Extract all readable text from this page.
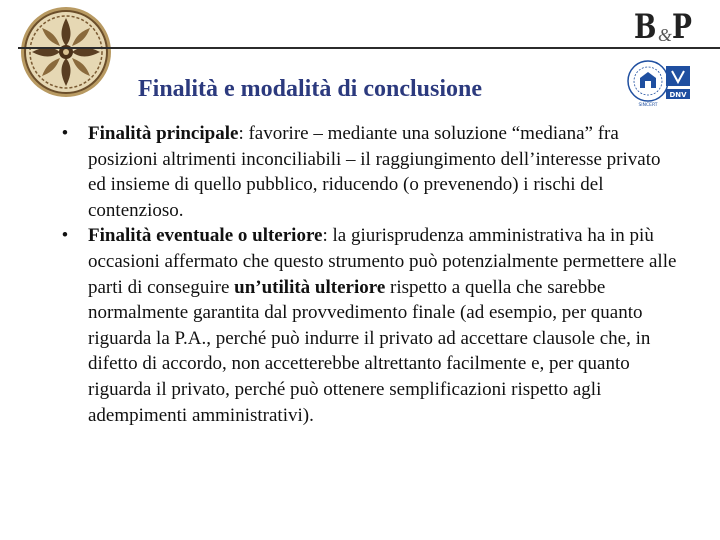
B & P
DNV
SINCERT
Finalità e modalità di conclusione
• Finalità principale: favorire – mediante una soluzione “mediana” fra posizioni altrimenti inconciliabili – il raggiungimento dell’interesse privato ed insieme di quello pubblico, riducendo (o prevenendo) i rischi del contenzioso.
• Finalità eventuale o ulteriore: la giurisprudenza amministrativa ha in più occasioni affermato che questo strumento può potenzialmente permettere alle parti di conseguire un’utilità ulteriore rispetto a quella che sarebbe normalmente garantita dal provvedimento finale (ad esempio, per quanto riguarda la P.A., perché può indurre il privato ad accettare clausole che, in difetto di accordo, non accetterebbe altrettanto facilmente e, per quanto riguarda il privato, perché può ottenere semplificazioni rispetto agli adempimenti amministrativi).
